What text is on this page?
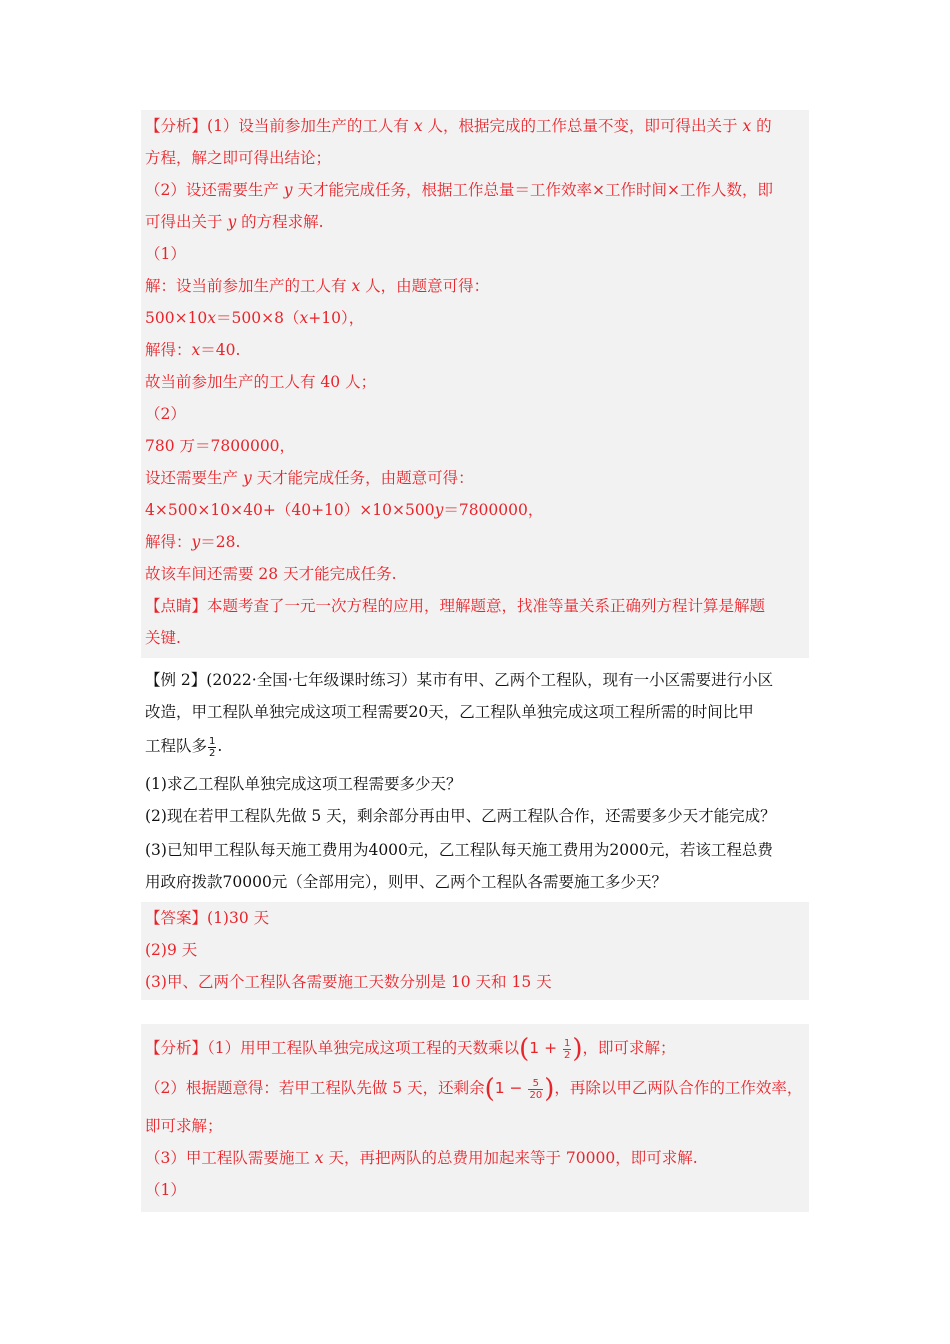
【分析】(1）设当前参加生产的工人有 x 人，根据完成的工作总量不变，即可得出关于 x 的
方程，解之即可得出结论；
（2）设还需要生产 y 天才能完成任务，根据工作总量＝工作效率×工作时间×工作人数，即
可得出关于 y 的方程求解.
（1）
解：设当前参加生产的工人有 x 人，由题意可得：
500×10x＝500×8（x+10），
解得：x＝40.
故当前参加生产的工人有 40 人；
（2）
780 万＝7800000，
设还需要生产 y 天才能完成任务，由题意可得：
4×500×10×40+（40+10）×10×500y＝7800000，
解得：y＝28.
故该车间还需要 28 天才能完成任务.
【点睛】本题考查了一元一次方程的应用，理解题意，找准等量关系正确列方程计算是解题
关键.
【例 2】(2022·全国·七年级课时练习）某市有甲、乙两个工程队，现有一小区需要进行小区
改造，甲工程队单独完成这项工程需要20天，乙工程队单独完成这项工程所需的时间比甲
工程队多 $\frac{1}{2}$ .
(1)求乙工程队单独完成这项工程需要多少天？
(2)现在若甲工程队先做 5 天，剩余部分再由甲、乙两工程队合作，还需要多少天才能完成？
(3)已知甲工程队每天施工费用为4000元，乙工程队每天施工费用为2000元，若该工程总费
用政府拨款70000元（全部用完），则甲、乙两个工程队各需要施工多少天？
【答案】(1)30 天
(2)9 天
(3)甲、乙两个工程队各需要施工天数分别是 10 天和 15 天
【分析】（1）用甲工程队单独完成这项工程的天数乘以($1 + \frac{1}{2}$ )，即可求解；
（2）根据题意得：若甲工程队先做 5 天，还剩余($1 - \frac{5}{20}$ )，再除以甲乙两队合作的工作效率，
即可求解；
（3）甲工程队需要施工 x 天，再把两队的总费用加起来等于 70000，即可求解.
（1）
